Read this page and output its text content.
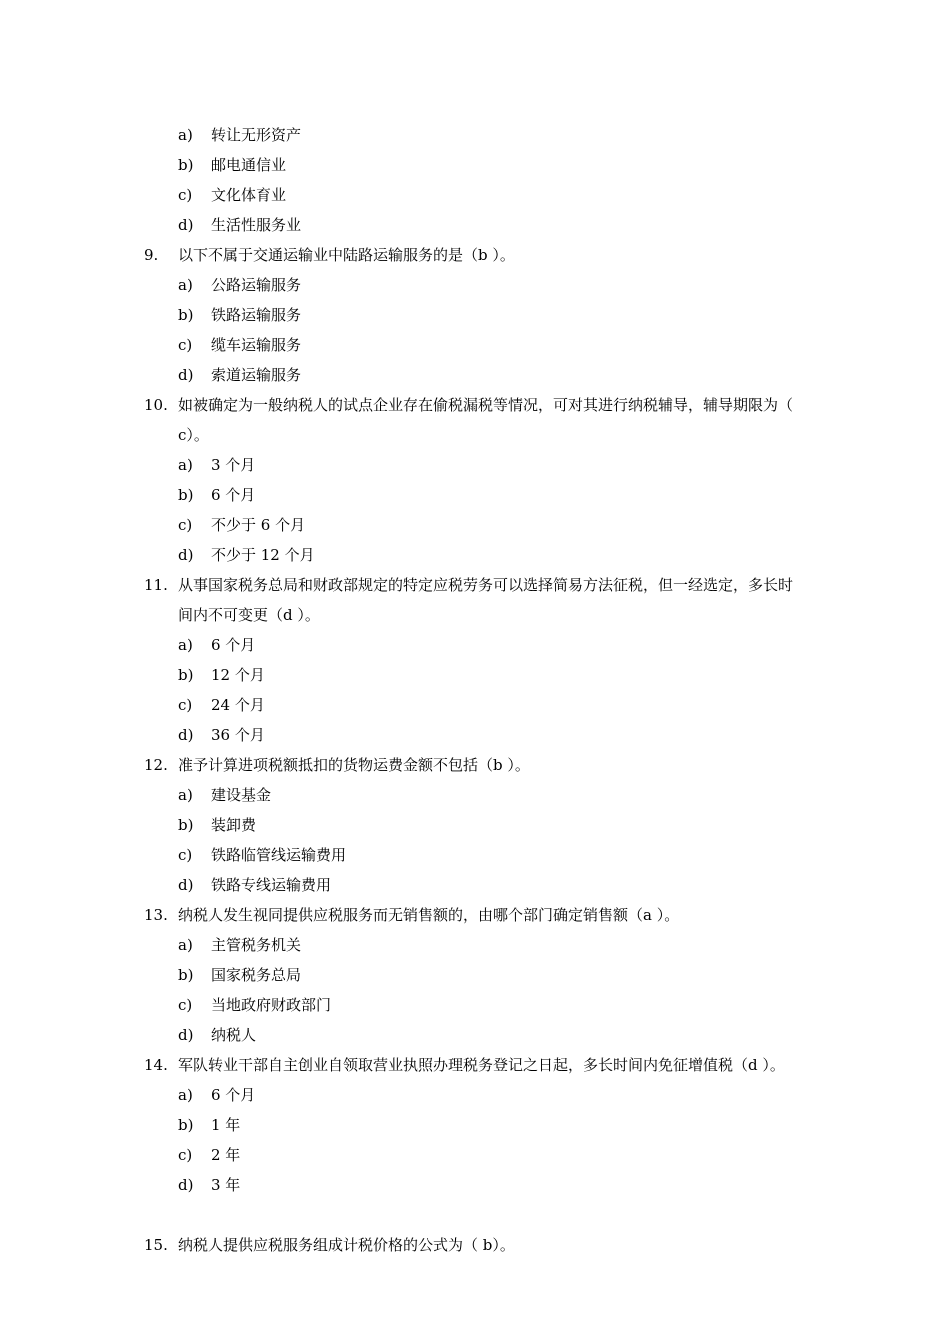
a) 转让无形资产
b) 邮电通信业
c) 文化体育业
d) 生活性服务业
9. 以下不属于交通运输业中陆路运输服务的是（b ）。
a) 公路运输服务
b) 铁路运输服务
c) 缆车运输服务
d) 索道运输服务
10. 如被确定为一般纳税人的试点企业存在偷税漏税等情况，可对其进行纳税辅导，辅导期限为（
c）。
a) 3 个月
b) 6 个月
c) 不少于 6 个月
d) 不少于 12 个月
11. 从事国家税务总局和财政部规定的特定应税劳务可以选择简易方法征税，但一经选定，多长时
间内不可变更（d ）。
a) 6 个月
b) 12 个月
c) 24 个月
d) 36 个月
12. 准予计算进项税额抵扣的货物运费金额不包括（b ）。
a) 建设基金
b) 装卸费
c) 铁路临管线运输费用
d) 铁路专线运输费用
13. 纳税人发生视同提供应税服务而无销售额的，由哪个部门确定销售额（a ）。
a) 主管税务机关
b) 国家税务总局
c) 当地政府财政部门
d) 纳税人
14. 军队转业干部自主创业自领取营业执照办理税务登记之日起，多长时间内免征增值税（d ）。
a) 6 个月
b) 1 年
c) 2 年
d) 3 年
15. 纳税人提供应税服务组成计税价格的公式为（ b）。
